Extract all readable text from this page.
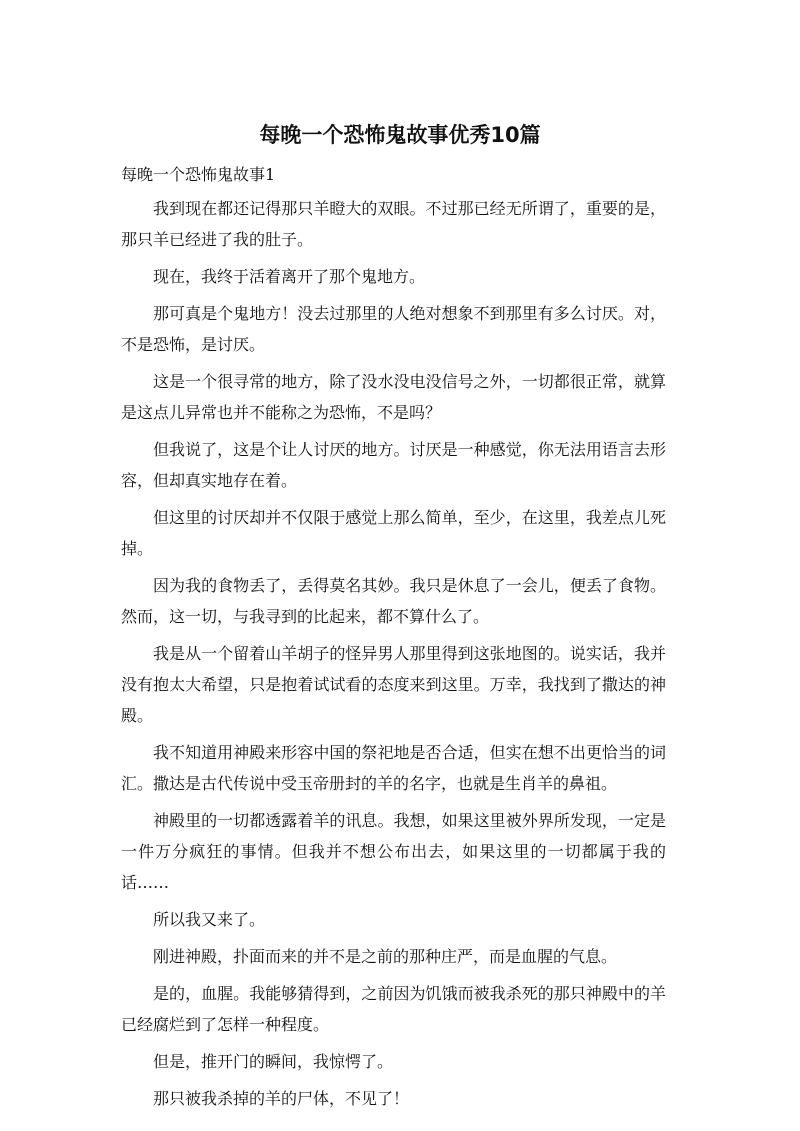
每晚一个恐怖鬼故事优秀10篇

每晚一个恐怖鬼故事1

我到现在都还记得那只羊瞪大的双眼。不过那已经无所谓了，重要的是，那只羊已经进了我的肚子。

现在，我终于活着离开了那个鬼地方。

那可真是个鬼地方！没去过那里的人绝对想象不到那里有多么讨厌。对，不是恐怖，是讨厌。

这是一个很寻常的地方，除了没水没电没信号之外，一切都很正常，就算是这点儿异常也并不能称之为恐怖，不是吗？

但我说了，这是个让人讨厌的地方。讨厌是一种感觉，你无法用语言去形容，但却真实地存在着。

但这里的讨厌却并不仅限于感觉上那么简单，至少，在这里，我差点儿死掉。

因为我的食物丢了，丢得莫名其妙。我只是休息了一会儿，便丢了食物。然而，这一切，与我寻到的比起来，都不算什么了。

我是从一个留着山羊胡子的怪异男人那里得到这张地图的。说实话，我并没有抱太大希望，只是抱着试试看的态度来到这里。万幸，我找到了撒达的神殿。

我不知道用神殿来形容中国的祭祀地是否合适，但实在想不出更恰当的词汇。撒达是古代传说中受玉帝册封的羊的名字，也就是生肖羊的鼻祖。

神殿里的一切都透露着羊的讯息。我想，如果这里被外界所发现，一定是一件万分疯狂的事情。但我并不想公布出去，如果这里的一切都属于我的话……

所以我又来了。

刚进神殿，扑面而来的并不是之前的那种庄严，而是血腥的气息。

是的，血腥。我能够猜得到，之前因为饥饿而被我杀死的那只神殿中的羊已经腐烂到了怎样一种程度。

但是，推开门的瞬间，我惊愕了。

那只被我杀掉的羊的尸体，不见了！
